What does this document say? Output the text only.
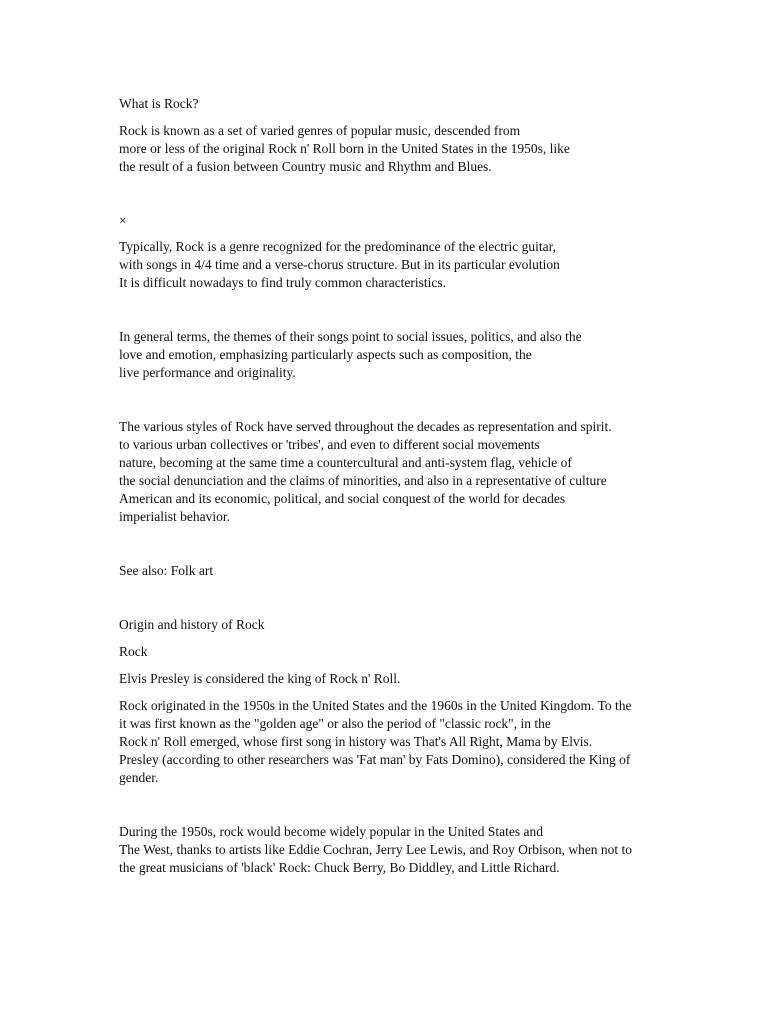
What is Rock?
Rock is known as a set of varied genres of popular music, descended from
more or less of the original Rock n' Roll born in the United States in the 1950s, like
the result of a fusion between Country music and Rhythm and Blues.
×
Typically, Rock is a genre recognized for the predominance of the electric guitar,
with songs in 4/4 time and a verse-chorus structure. But in its particular evolution
It is difficult nowadays to find truly common characteristics.
In general terms, the themes of their songs point to social issues, politics, and also the
love and emotion, emphasizing particularly aspects such as composition, the
live performance and originality.
The various styles of Rock have served throughout the decades as representation and spirit.
to various urban collectives or 'tribes', and even to different social movements
nature, becoming at the same time a countercultural and anti-system flag, vehicle of
the social denunciation and the claims of minorities, and also in a representative of culture
American and its economic, political, and social conquest of the world for decades
imperialist behavior.
See also: Folk art
Origin and history of Rock
Rock
Elvis Presley is considered the king of Rock n' Roll.
Rock originated in the 1950s in the United States and the 1960s in the United Kingdom. To the
it was first known as the "golden age" or also the period of "classic rock", in the
Rock n' Roll emerged, whose first song in history was That's All Right, Mama by Elvis.
Presley (according to other researchers was 'Fat man' by Fats Domino), considered the King of
gender.
During the 1950s, rock would become widely popular in the United States and
The West, thanks to artists like Eddie Cochran, Jerry Lee Lewis, and Roy Orbison, when not to
the great musicians of 'black' Rock: Chuck Berry, Bo Diddley, and Little Richard.
